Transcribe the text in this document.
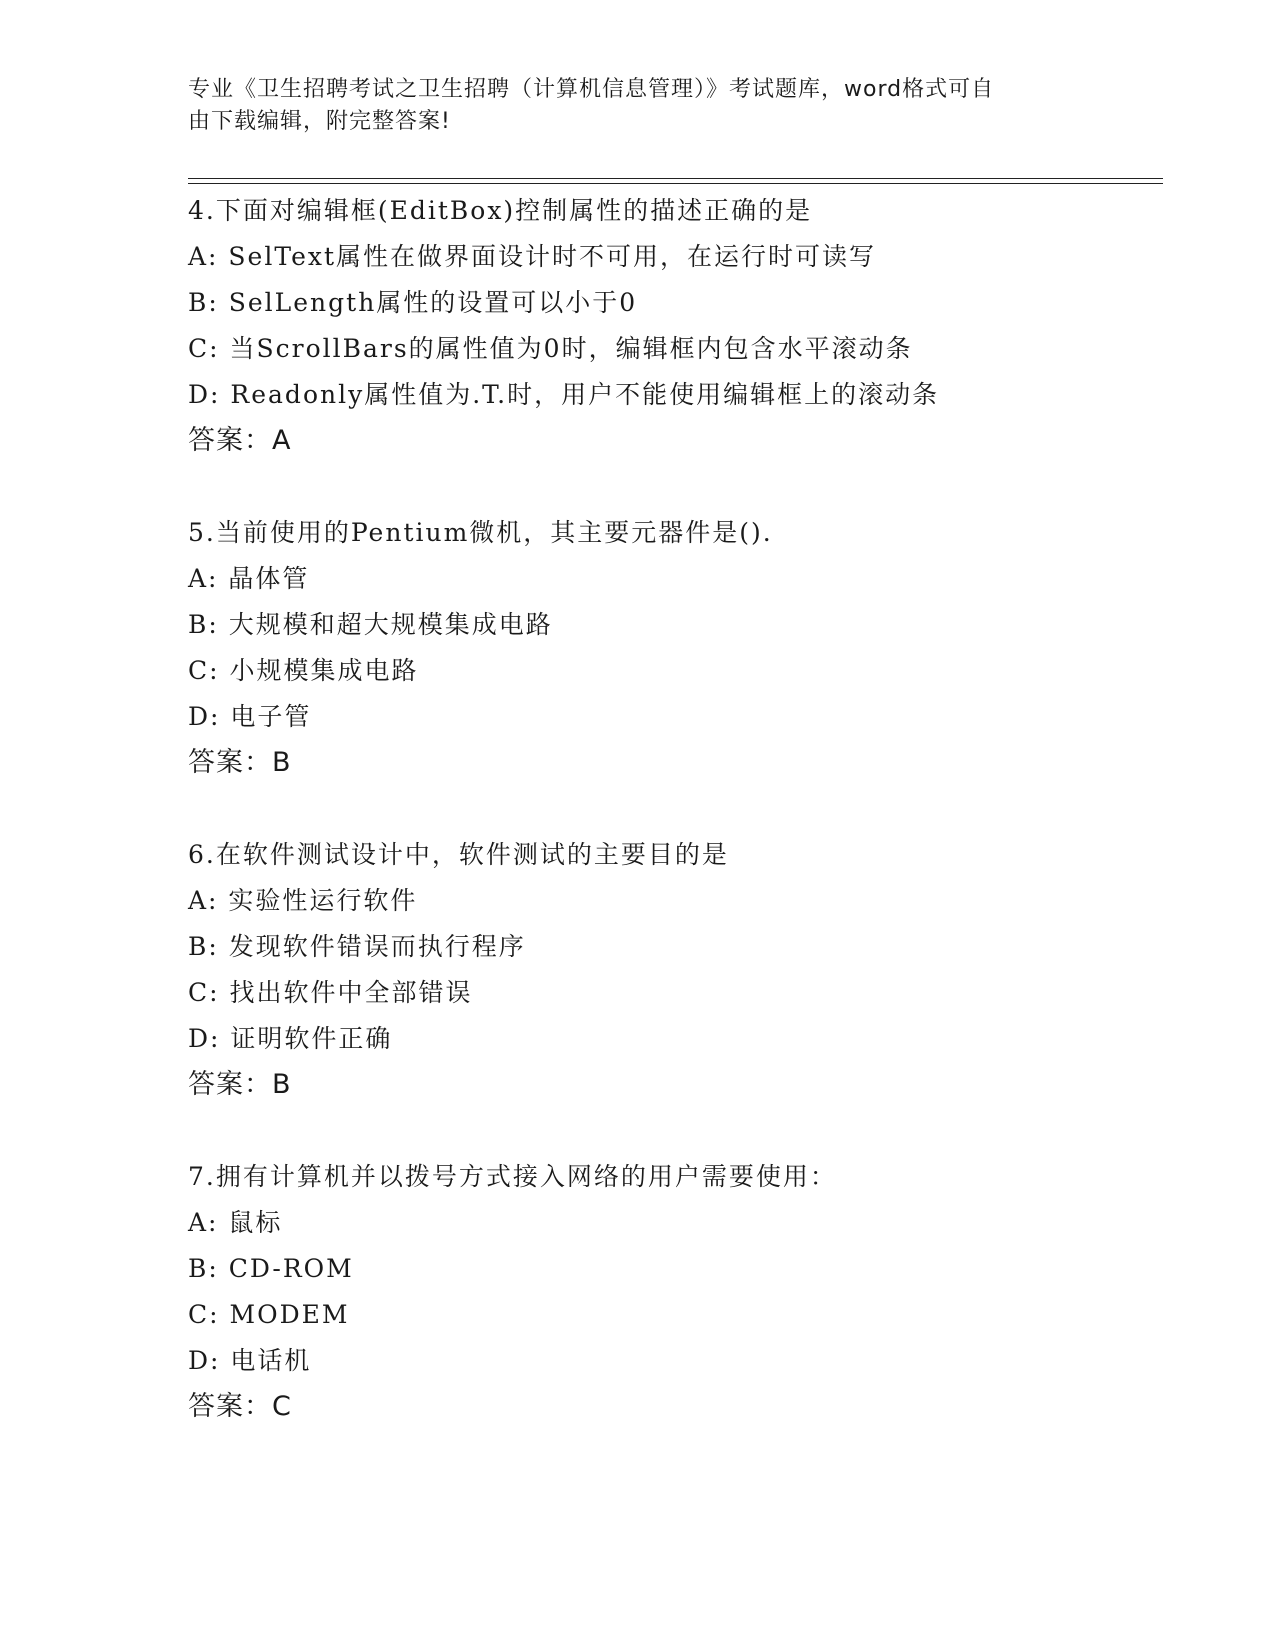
专业《卫生招聘考试之卫生招聘（计算机信息管理）》考试题库，word格式可自
由下载编辑，附完整答案!
4.下面对编辑框(EditBox)控制属性的描述正确的是
A: SelText属性在做界面设计时不可用，在运行时可读写
B: SelLength属性的设置可以小于0
C: 当ScrollBars的属性值为0时，编辑框内包含水平滚动条
D: Readonly属性值为.T.时，用户不能使用编辑框上的滚动条
答案：A
5.当前使用的Pentium微机，其主要元器件是().
A: 晶体管
B: 大规模和超大规模集成电路
C: 小规模集成电路
D: 电子管
答案：B
6.在软件测试设计中，软件测试的主要目的是
A: 实验性运行软件
B: 发现软件错误而执行程序
C: 找出软件中全部错误
D: 证明软件正确
答案：B
7.拥有计算机并以拨号方式接入网络的用户需要使用：
A: 鼠标
B: CD-ROM
C: MODEM
D: 电话机
答案：C
